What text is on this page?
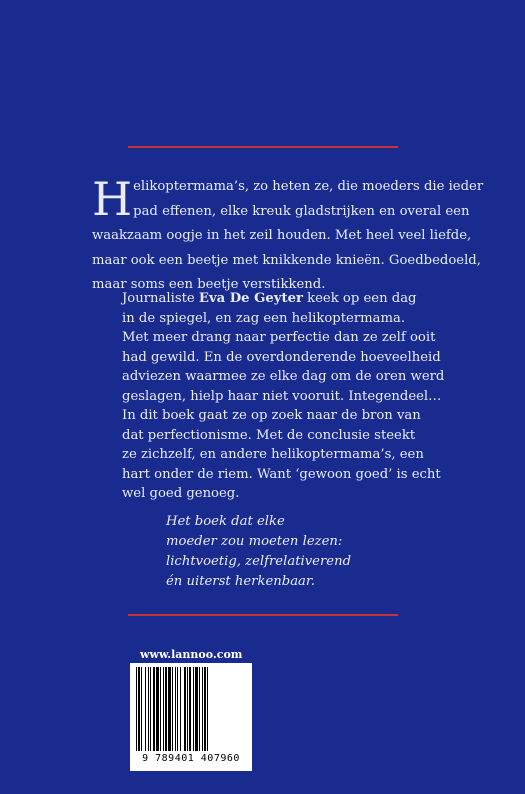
H elikoptermama’s, zo heten ze, die moeders die ieder
pad effenen, elke kreuk gladstrijken en overal een
waakzaam oogje in het zeil houden. Met heel veel liefde,
maar ook een beetje met knikkende knieën. Goedbedoeld,
maar soms een beetje verstikkend.

Journaliste Eva De Geyter keek op een dag
in de spiegel, en zag een helikoptermama.
Met meer drang naar perfectie dan ze zelf ooit
had gewild. En de overdonderende hoeveelheid
adviezen waarmee ze elke dag om de oren werd
geslagen, hielp haar niet vooruit. Integendeel…
In dit boek gaat ze op zoek naar de bron van
dat perfectionisme. Met de conclusie steekt
ze zichzelf, en andere helikoptermama’s, een
hart onder de riem. Want ‘gewoon goed’ is echt
wel goed genoeg.
Het boek dat elke
moeder zou moeten lezen:
lichtvoetig, zelfrelativerend
én uiterst herkenbaar.
www.lannoo.com
9 789401 407960
